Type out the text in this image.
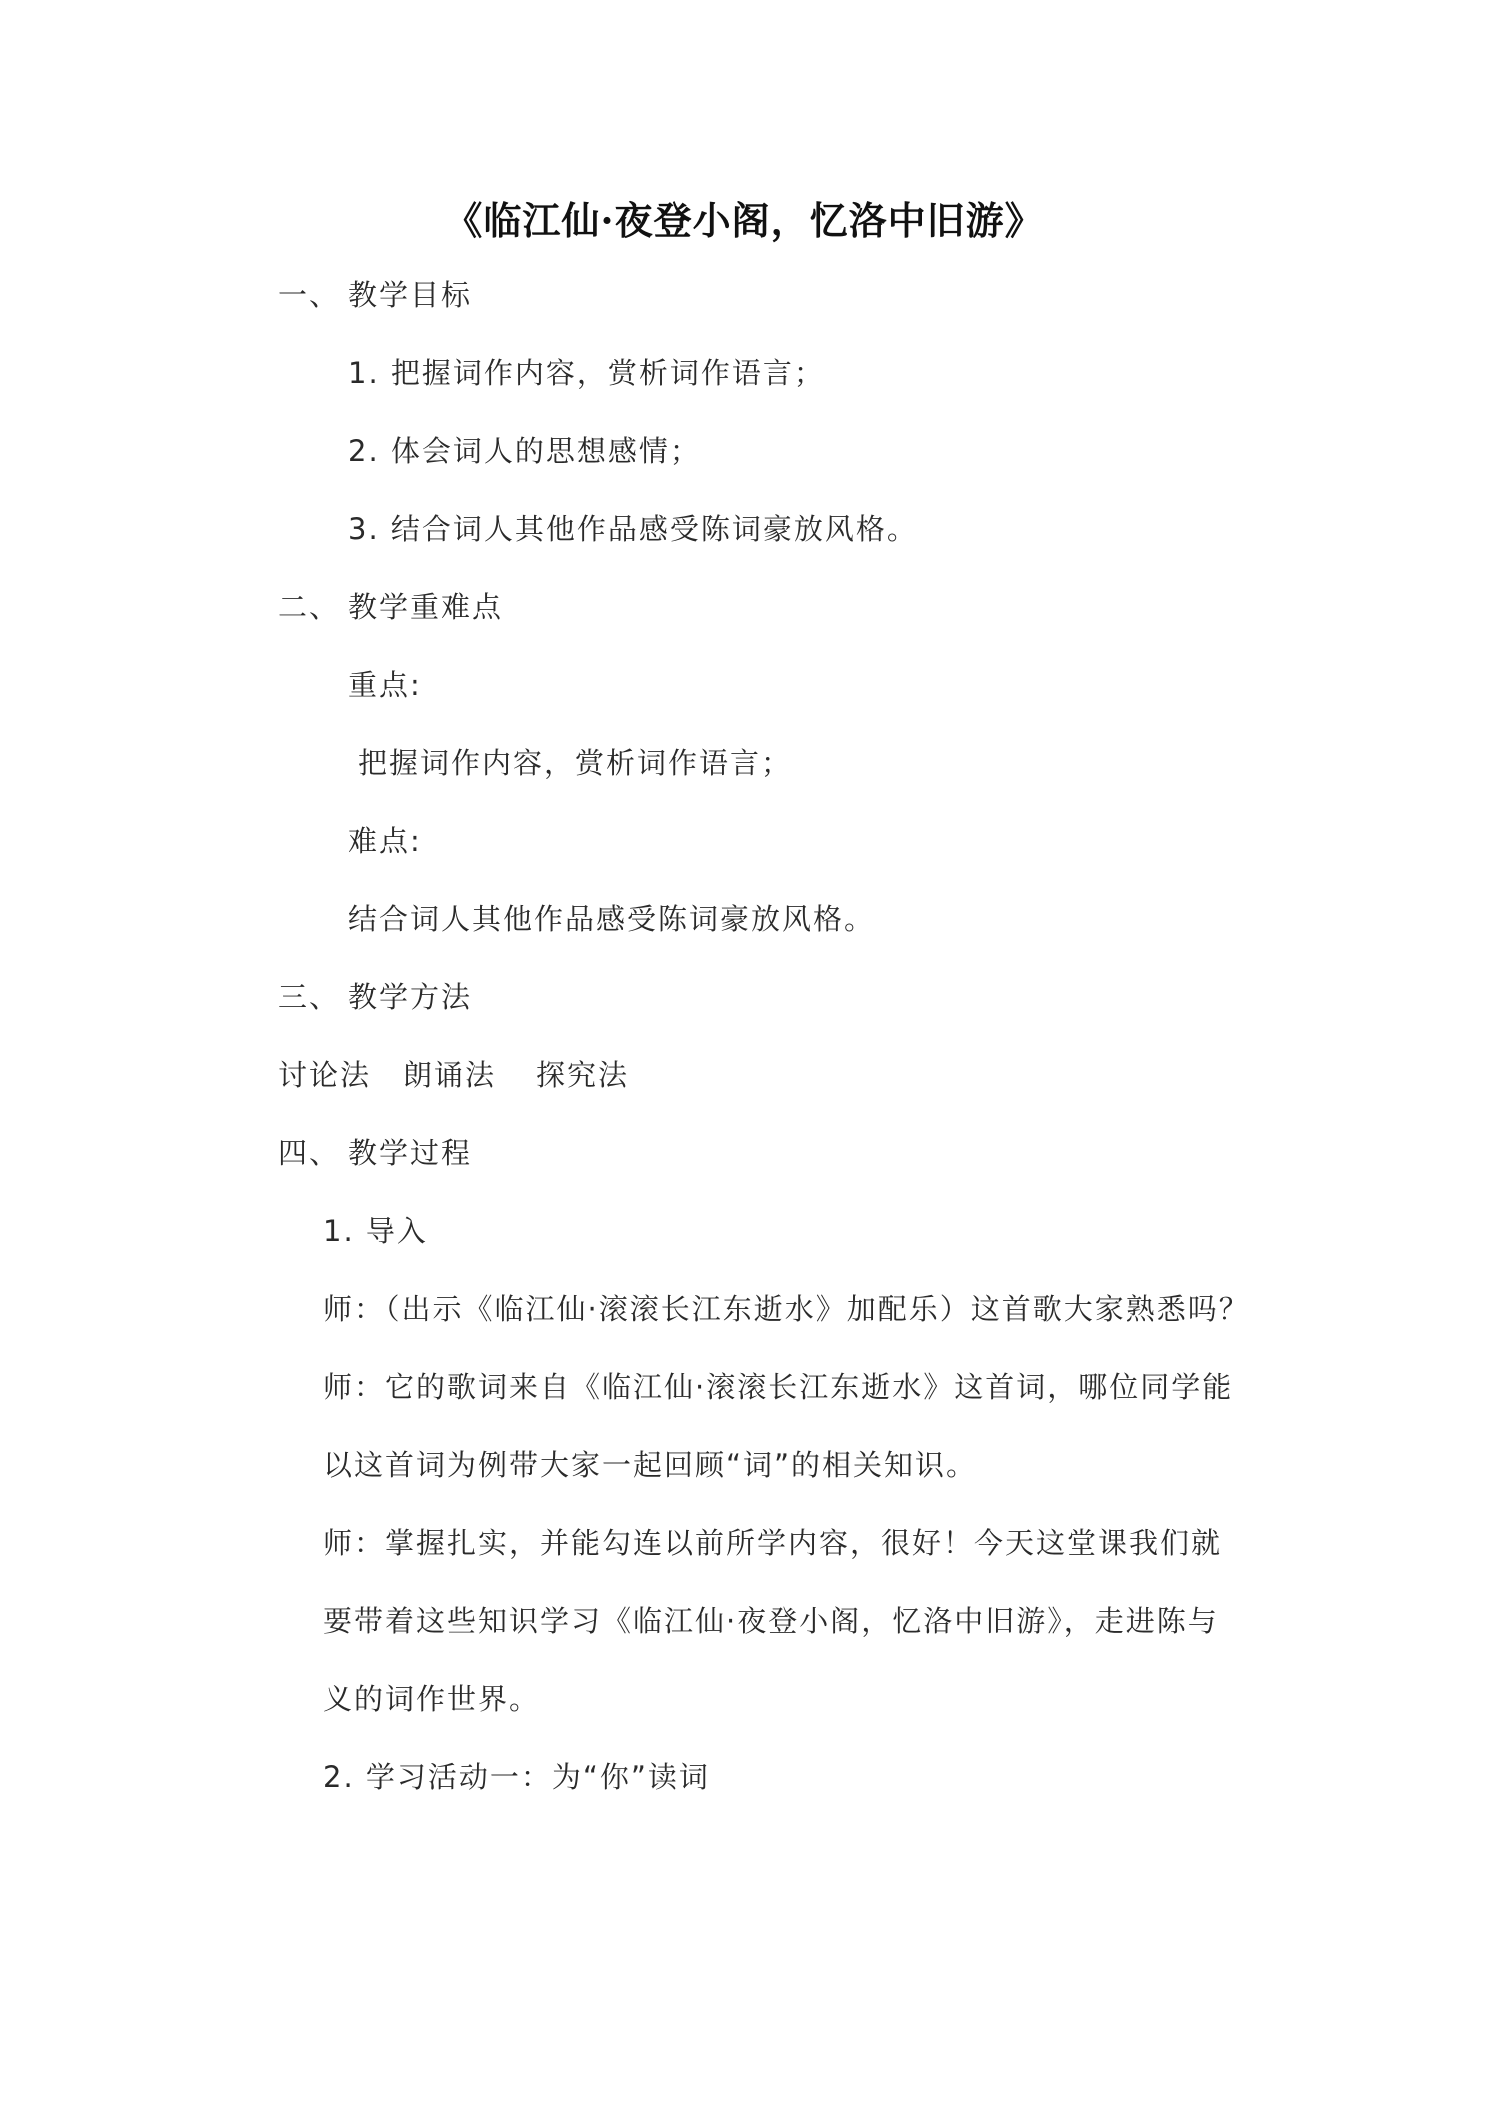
《临江仙·夜登小阁，忆洛中旧游》
一、 教学目标
1. 把握词作内容，赏析词作语言；
2. 体会词人的思想感情；
3. 结合词人其他作品感受陈词豪放风格。
二、 教学重难点
重点:
把握词作内容，赏析词作语言；
难点:
结合词人其他作品感受陈词豪放风格。
三、 教学方法
讨论法 朗诵法 探究法
四、 教学过程
1. 导入
师：（出示《临江仙·滚滚长江东逝水》加配乐）这首歌大家熟悉吗？
师：它的歌词来自《临江仙·滚滚长江东逝水》这首词，哪位同学能
以这首词为例带大家一起回顾“词”的相关知识。
师：掌握扎实，并能勾连以前所学内容，很好！今天这堂课我们就
要带着这些知识学习《临江仙·夜登小阁，忆洛中旧游》，走进陈与
义的词作世界。
2. 学习活动一：为“你”读词
